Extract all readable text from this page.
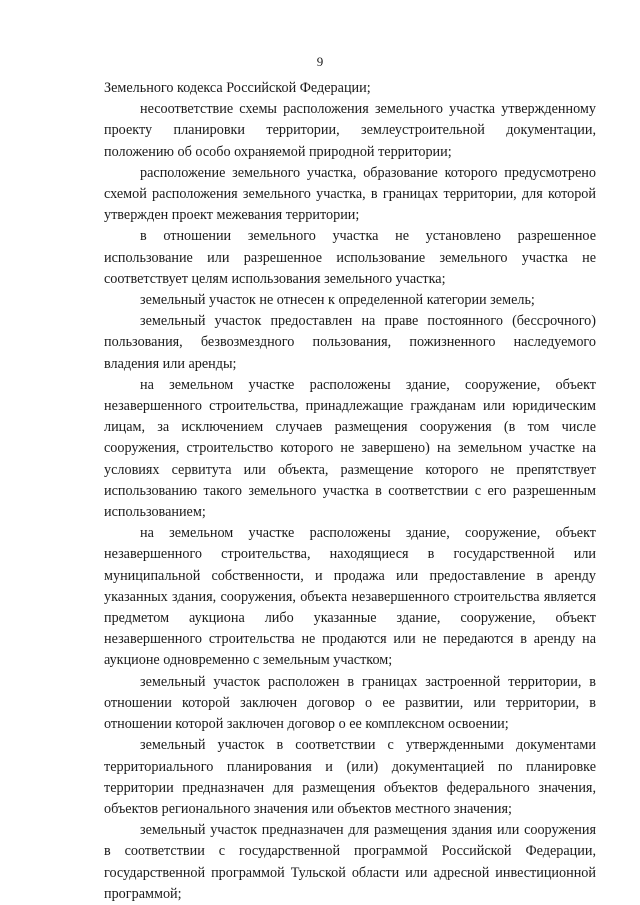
9

Земельного кодекса Российской Федерации;

несоответствие схемы расположения земельного участка утвержденному проекту планировки территории, землеустроительной документации, положению об особо охраняемой природной территории;

расположение земельного участка, образование которого предусмотрено схемой расположения земельного участка, в границах территории, для которой утвержден проект межевания территории;

в отношении земельного участка не установлено разрешенное использование или разрешенное использование земельного участка не соответствует целям использования земельного участка;

земельный участок не отнесен к определенной категории земель;

земельный участок предоставлен на праве постоянного (бессрочного) пользования, безвозмездного пользования, пожизненного наследуемого владения или аренды;

на земельном участке расположены здание, сооружение, объект незавершенного строительства, принадлежащие гражданам или юридическим лицам, за исключением случаев размещения сооружения (в том числе сооружения, строительство которого не завершено) на земельном участке на условиях сервитута или объекта, размещение которого не препятствует использованию такого земельного участка в соответствии с его разрешенным использованием;

на земельном участке расположены здание, сооружение, объект незавершенного строительства, находящиеся в государственной или муниципальной собственности, и продажа или предоставление в аренду указанных здания, сооружения, объекта незавершенного строительства является предметом аукциона либо указанные здание, сооружение, объект незавершенного строительства не продаются или не передаются в аренду на аукционе одновременно с земельным участком;

земельный участок расположен в границах застроенной территории, в отношении которой заключен договор о ее развитии, или территории, в отношении которой заключен договор о ее комплексном освоении;

земельный участок в соответствии с утвержденными документами территориального планирования и (или) документацией по планировке территории предназначен для размещения объектов федерального значения, объектов регионального значения или объектов местного значения;

земельный участок предназначен для размещения здания или сооружения в соответствии с государственной программой Российской Федерации, государственной программой Тульской области или адресной инвестиционной программой;
